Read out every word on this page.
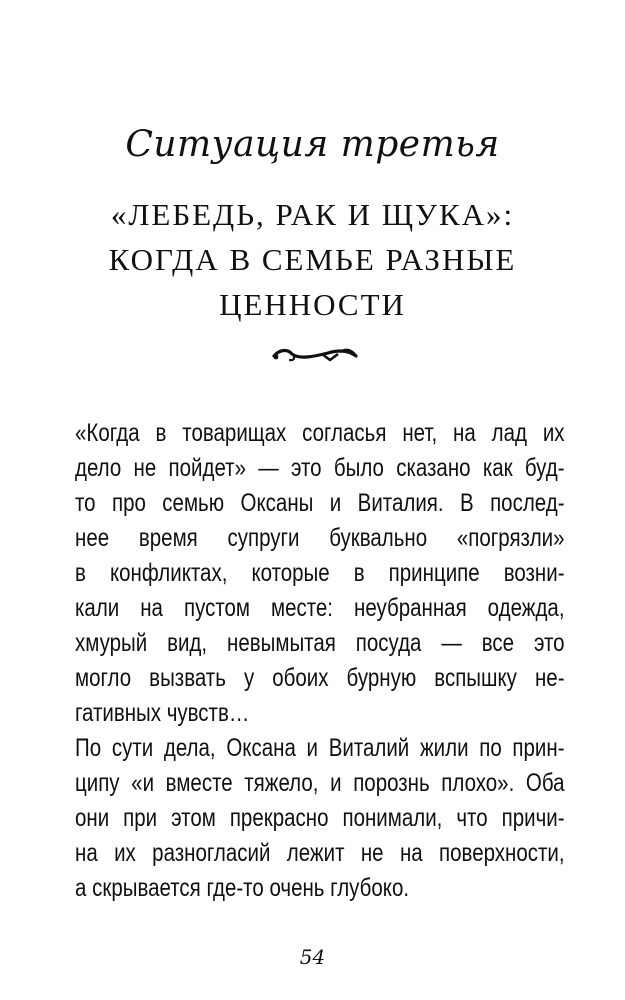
Ситуация третья
«ЛЕБЕДЬ, РАК И ЩУКА»:
КОГДА В СЕМЬЕ РАЗНЫЕ
ЦЕННОСТИ
«Когда в товарищах согласья нет, на лад их
дело не пойдет» — это было сказано как буд-
то про семью Оксаны и Виталия. В послед-
нее время супруги буквально «погрязли»
в конфликтах, которые в принципе возни-
кали на пустом месте: неубранная одежда,
хмурый вид, невымытая посуда — все это
могло вызвать у обоих бурную вспышку не-
гативных чувств…
По сути дела, Оксана и Виталий жили по прин-
ципу «и вместе тяжело, и порознь плохо». Оба
они при этом прекрасно понимали, что причи-
на их разногласий лежит не на поверхности,
а скрывается где-то очень глубоко.
54
